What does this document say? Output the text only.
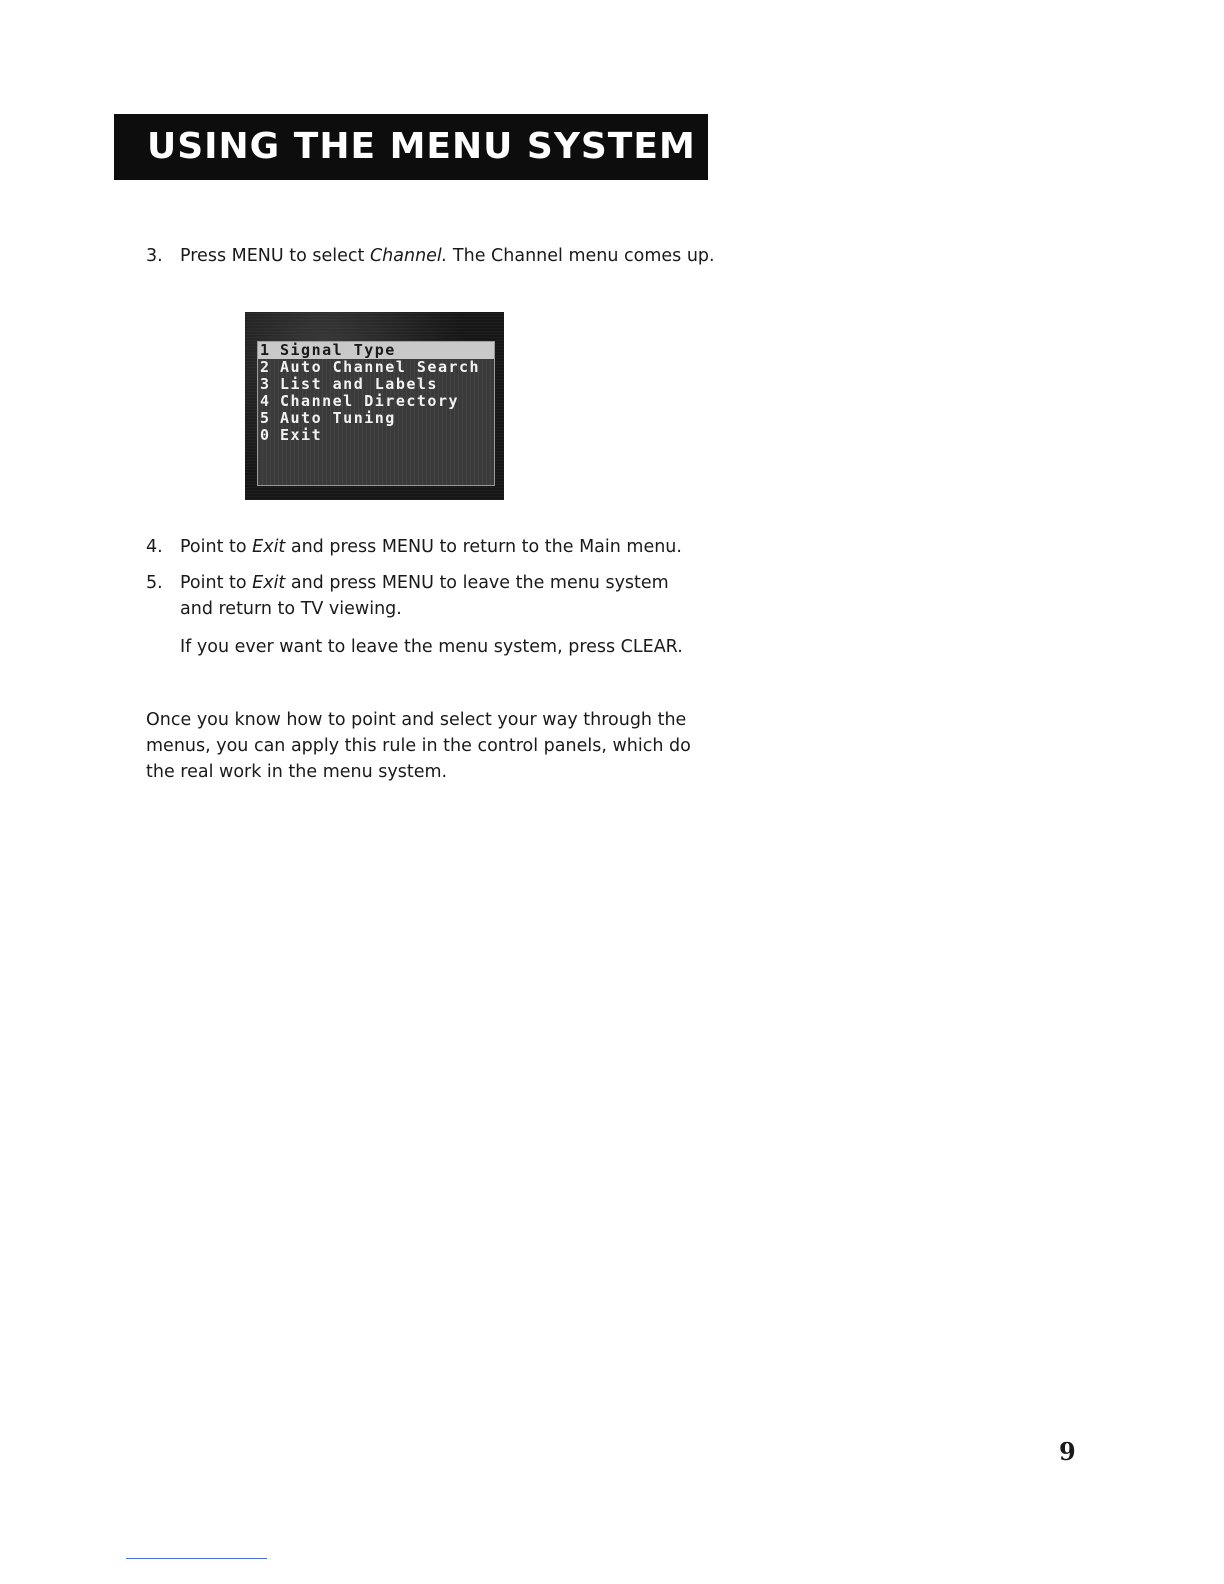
USING THE MENU SYSTEM
3. Press MENU to select Channel. The Channel menu comes up.
1 Signal Type
2 Auto Channel Search
3 List and Labels
4 Channel Directory
5 Auto Tuning
0 Exit
4. Point to Exit and press MENU to return to the Main menu.
5. Point to Exit and press MENU to leave the menu system and return to TV viewing.
If you ever want to leave the menu system, press CLEAR.
Once you know how to point and select your way through the menus, you can apply this rule in the control panels, which do the real work in the menu system.
9
